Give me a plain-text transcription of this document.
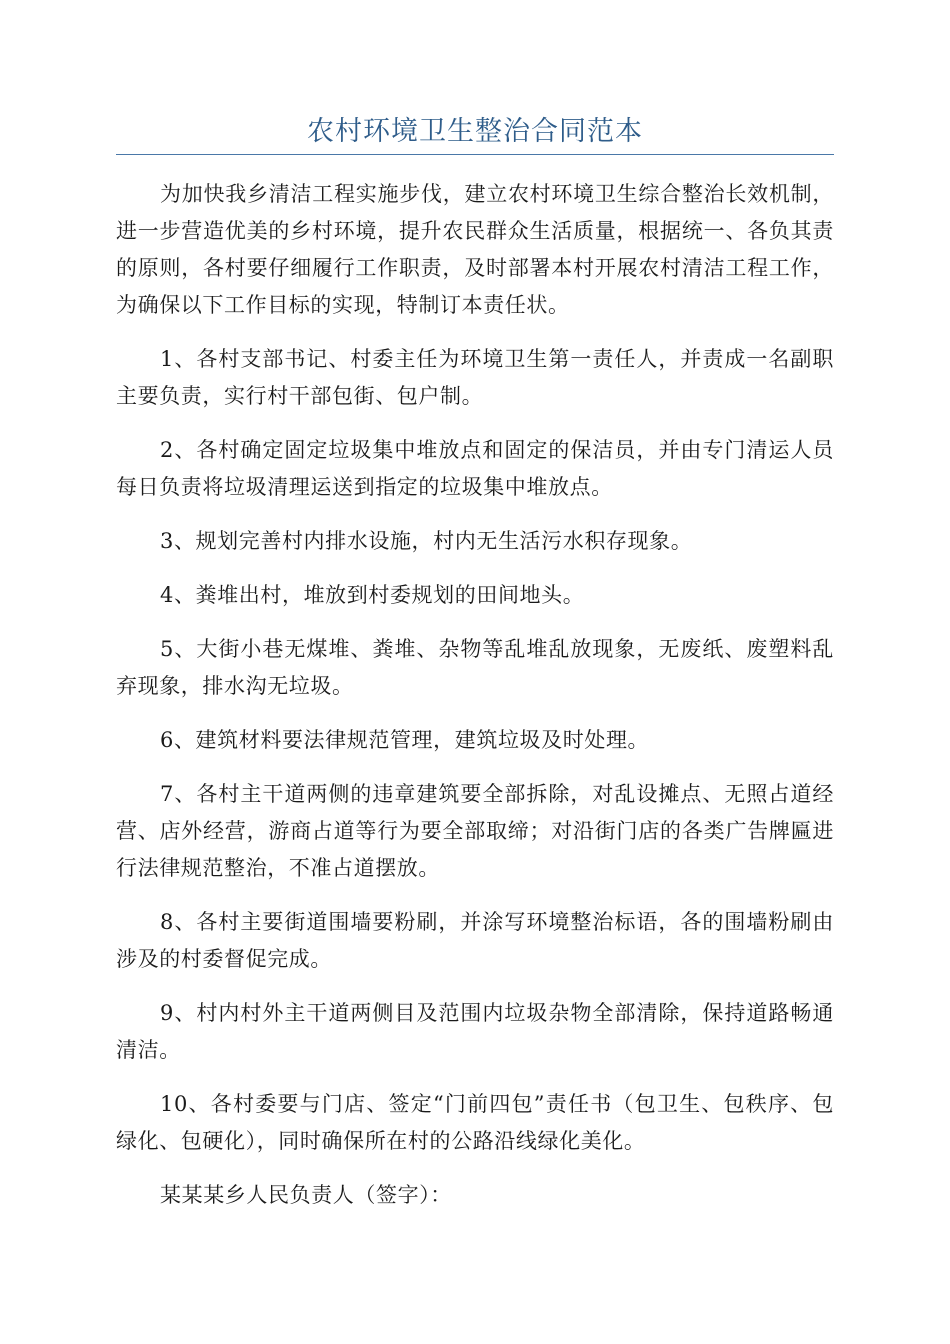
农村环境卫生整治合同范本

为加快我乡清洁工程实施步伐，建立农村环境卫生综合整治长效机制，进一步营造优美的乡村环境，提升农民群众生活质量，根据统一、各负其责的原则，各村要仔细履行工作职责，及时部署本村开展农村清洁工程工作，为确保以下工作目标的实现，特制订本责任状。

1、各村支部书记、村委主任为环境卫生第一责任人，并责成一名副职主要负责，实行村干部包街、包户制。

2、各村确定固定垃圾集中堆放点和固定的保洁员，并由专门清运人员每日负责将垃圾清理运送到指定的垃圾集中堆放点。

3、规划完善村内排水设施，村内无生活污水积存现象。

4、粪堆出村，堆放到村委规划的田间地头。

5、大街小巷无煤堆、粪堆、杂物等乱堆乱放现象，无废纸、废塑料乱弃现象，排水沟无垃圾。

6、建筑材料要法律规范管理，建筑垃圾及时处理。

7、各村主干道两侧的违章建筑要全部拆除，对乱设摊点、无照占道经营、店外经营，游商占道等行为要全部取缔；对沿街门店的各类广告牌匾进行法律规范整治，不准占道摆放。

8、各村主要街道围墙要粉刷，并涂写环境整治标语，各的围墙粉刷由涉及的村委督促完成。

9、村内村外主干道两侧目及范围内垃圾杂物全部清除，保持道路畅通清洁。

10、各村委要与门店、签定“门前四包”责任书（包卫生、包秩序、包绿化、包硬化），同时确保所在村的公路沿线绿化美化。

某某某乡人民负责人（签字）：
